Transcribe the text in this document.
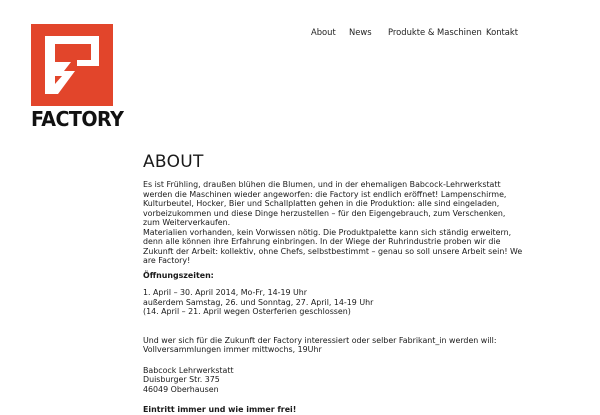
FACTORY
About News Produkte & Maschinen Kontakt
ABOUT

Es ist Frühling, draußen blühen die Blumen, und in der ehemaligen Babcock-Lehrwerkstatt werden die Maschinen wieder angeworfen: die Factory ist endlich eröffnet! Lampenschirme, Kulturbeutel, Hocker, Bier und Schallplatten gehen in die Produktion: alle sind eingeladen, vorbeizukommen und diese Dinge herzustellen – für den Eigengebrauch, zum Verschenken, zum Weiterverkaufen.

Materialien vorhanden, kein Vorwissen nötig. Die Produktpalette kann sich ständig erweitern, denn alle können ihre Erfahrung einbringen. In der Wiege der Ruhrindustrie proben wir die Zukunft der Arbeit: kollektiv, ohne Chefs, selbstbestimmt – genau so soll unsere Arbeit sein! We are Factory!

Öffnungszeiten:

1. April – 30. April 2014, Mo-Fr, 14-19 Uhr

außerdem Samstag, 26. und Sonntag, 27. April, 14-19 Uhr

(14. April – 21. April wegen Osterferien geschlossen)

Und wer sich für die Zukunft der Factory interessiert oder selber Fabrikant_in werden will:

Vollversammlungen immer mittwochs, 19Uhr

Babcock Lehrwerkstatt

Duisburger Str. 375

46049 Oberhausen

Eintritt immer und wie immer frei!
